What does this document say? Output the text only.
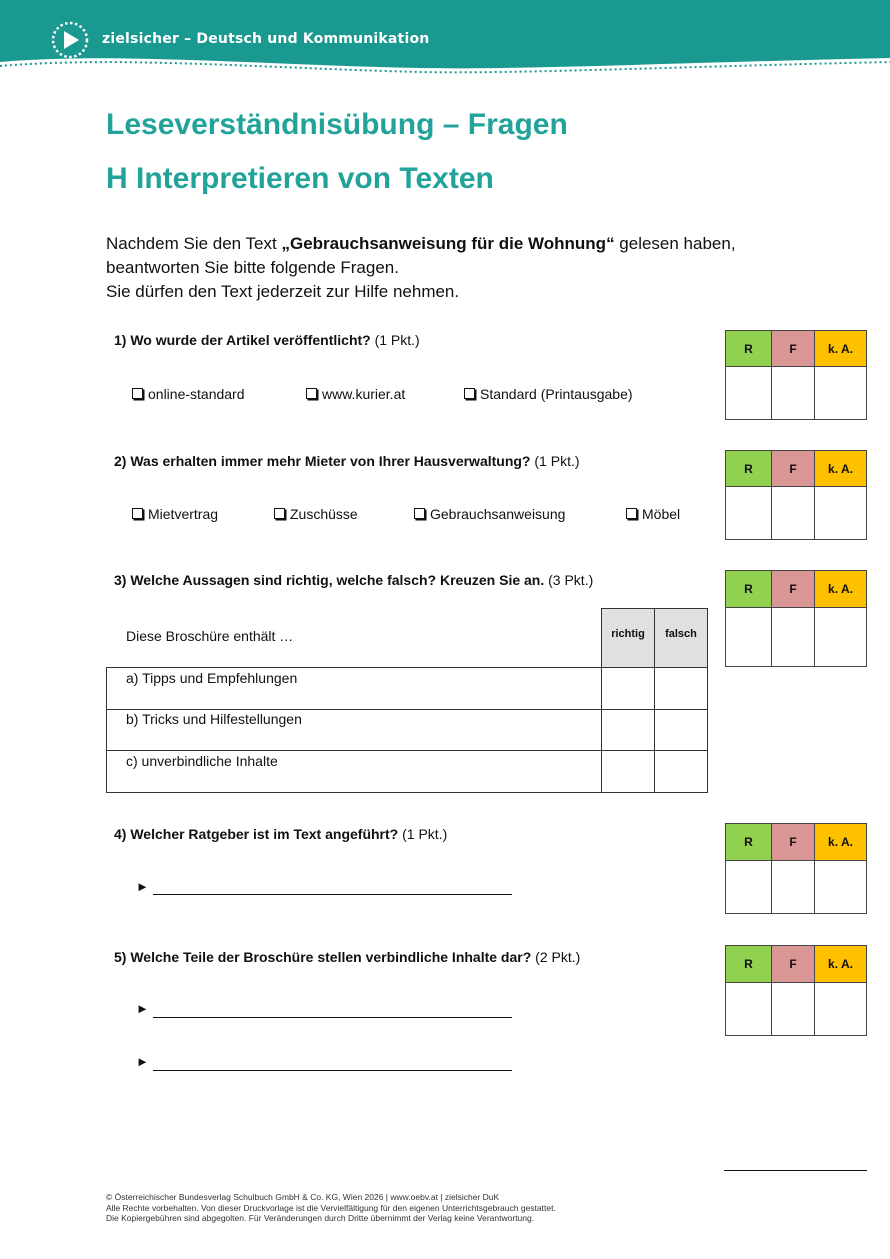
zielsicher – Deutsch und Kommunikation
Leseverständnisübung – Fragen
H Interpretieren von Texten
Nachdem Sie den Text „Gebrauchsanweisung für die Wohnung“ gelesen haben,
beantworten Sie bitte folgende Fragen.
Sie dürfen den Text jederzeit zur Hilfe nehmen.
1) Wo wurde der Artikel veröffentlicht? (1 Pkt.)
online-standard	www.kurier.at	Standard (Printausgabe)
R	F	k. A.

2) Was erhalten immer mehr Mieter von Ihrer Hausverwaltung? (1 Pkt.)
Mietvertrag	Zuschüsse	Gebrauchsanweisung	Möbel
R	F	k. A.

3) Welche Aussagen sind richtig, welche falsch? Kreuzen Sie an. (3 Pkt.)
R	F	k. A.

Diese Broschüre enthält …	richtig	falsch
a) Tipps und Empfehlungen
b) Tricks und Hilfestellungen
c) unverbindliche Inhalte
4) Welcher Ratgeber ist im Text angeführt? (1 Pkt.)
►
R	F	k. A.

5) Welche Teile der Broschüre stellen verbindliche Inhalte dar? (2 Pkt.)
►
►
R	F	k. A.

© Österreichischer Bundesverlag Schulbuch GmbH & Co. KG, Wien 2026 | www.oebv.at | zielsicher DuK
Alle Rechte vorbehalten. Von dieser Druckvorlage ist die Vervielfältigung für den eigenen Unterrichtsgebrauch gestattet.
Die Kopiergebühren sind abgegolten. Für Veränderungen durch Dritte übernimmt der Verlag keine Verantwortung.
